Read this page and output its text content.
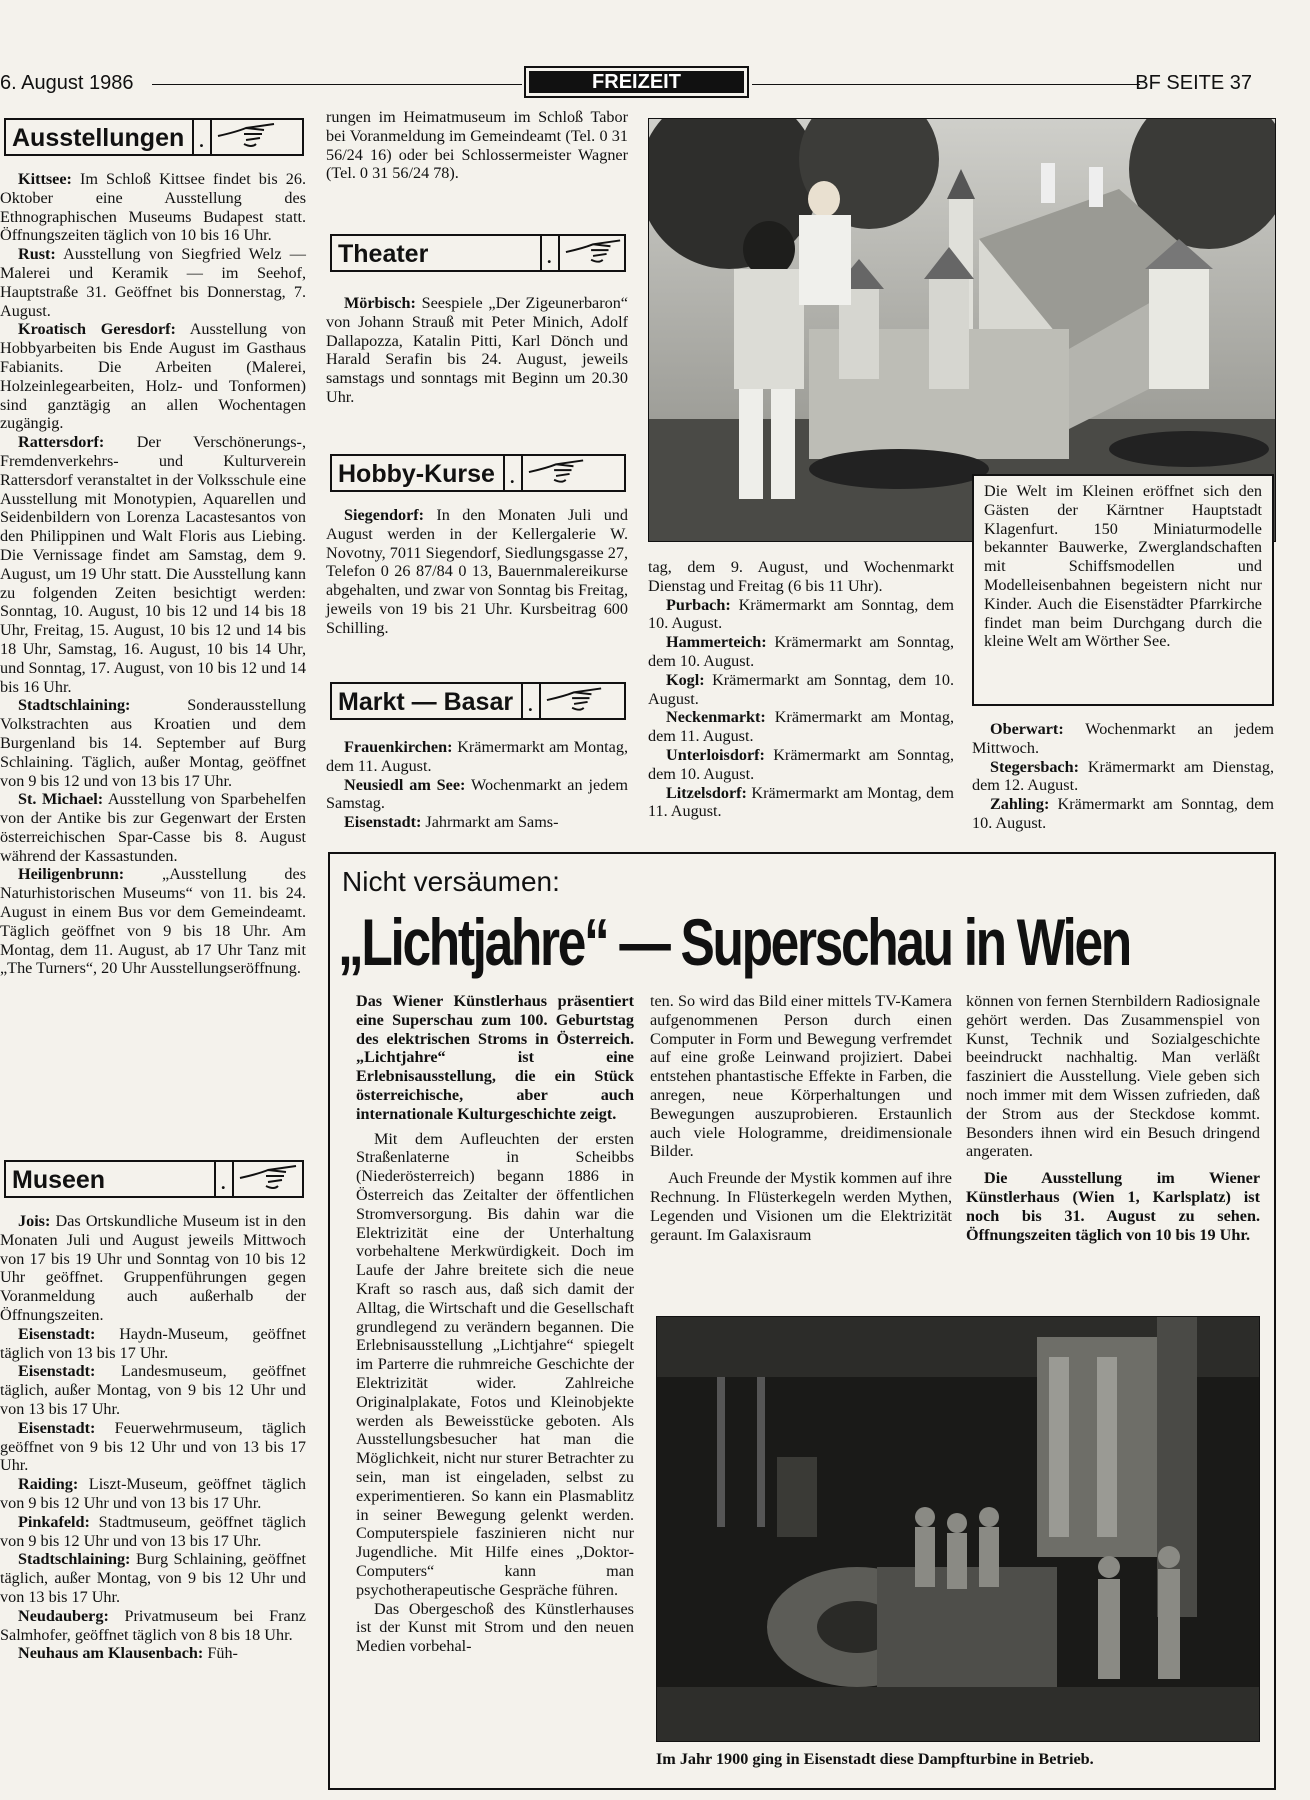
6. August 1986	FREIZEIT	BF SEITE 37
Ausstellungen
.

Kittsee: Im Schloß Kittsee findet bis 26. Oktober eine Ausstellung des Ethnographischen Museums Budapest statt. Öffnungszeiten täglich von 10 bis 16 Uhr.

Rust: Ausstellung von Siegfried Welz — Malerei und Keramik — im Seehof, Hauptstraße 31. Geöffnet bis Donnerstag, 7. August.

Kroatisch Geresdorf: Ausstellung von Hobbyarbeiten bis Ende August im Gasthaus Fabianits. Die Arbeiten (Malerei, Holzeinlegearbeiten, Holz- und Tonformen) sind ganztägig an allen Wochentagen zugängig.

Rattersdorf: Der Verschönerungs-, Fremdenverkehrs- und Kulturverein Rattersdorf veranstaltet in der Volksschule eine Ausstellung mit Monotypien, Aquarellen und Seidenbildern von Lorenza Lacastesantos von den Philippinen und Walt Floris aus Liebing. Die Vernissage findet am Samstag, dem 9. August, um 19 Uhr statt. Die Ausstellung kann zu folgenden Zeiten besichtigt werden: Sonntag, 10. August, 10 bis 12 und 14 bis 18 Uhr, Freitag, 15. August, 10 bis 12 und 14 bis 18 Uhr, Samstag, 16. August, 10 bis 14 Uhr, und Sonntag, 17. August, von 10 bis 12 und 14 bis 16 Uhr.

Stadtschlaining: Sonderausstellung Volkstrachten aus Kroatien und dem Burgenland bis 14. September auf Burg Schlaining. Täglich, außer Montag, geöffnet von 9 bis 12 und von 13 bis 17 Uhr.

St. Michael: Ausstellung von Sparbehelfen von der Antike bis zur Gegenwart der Ersten österreichischen Spar-Casse bis 8. August während der Kassastunden.

Heiligenbrunn: „Ausstellung des Naturhistorischen Museums“ von 11. bis 24. August in einem Bus vor dem Gemeindeamt. Täglich geöffnet von 9 bis 18 Uhr. Am Montag, dem 11. August, ab 17 Uhr Tanz mit „The Turners“, 20 Uhr Ausstellungseröffnung.

Museen
.

Jois: Das Ortskundliche Museum ist in den Monaten Juli und August jeweils Mittwoch von 17 bis 19 Uhr und Sonntag von 10 bis 12 Uhr geöffnet. Gruppenführungen gegen Voranmeldung auch außerhalb der Öffnungszeiten.

Eisenstadt: Haydn-Museum, geöffnet täglich von 13 bis 17 Uhr.

Eisenstadt: Landesmuseum, geöffnet täglich, außer Montag, von 9 bis 12 Uhr und von 13 bis 17 Uhr.

Eisenstadt: Feuerwehrmuseum, täglich geöffnet von 9 bis 12 Uhr und von 13 bis 17 Uhr.

Raiding: Liszt-Museum, geöffnet täglich von 9 bis 12 Uhr und von 13 bis 17 Uhr.

Pinkafeld: Stadtmuseum, geöffnet täglich von 9 bis 12 Uhr und von 13 bis 17 Uhr.

Stadtschlaining: Burg Schlaining, geöffnet täglich, außer Montag, von 9 bis 12 Uhr und von 13 bis 17 Uhr.

Neudauberg: Privatmuseum bei Franz Salmhofer, geöffnet täglich von 8 bis 18 Uhr.

Neuhaus am Klausenbach: Füh-

rungen im Heimatmuseum im Schloß Tabor bei Voranmeldung im Gemeindeamt (Tel. 0 31 56/24 16) oder bei Schlossermeister Wagner (Tel. 0 31 56/24 78).

Theater
.

Mörbisch: Seespiele „Der Zigeunerbaron“ von Johann Strauß mit Peter Minich, Adolf Dallapozza, Katalin Pitti, Karl Dönch und Harald Serafin bis 24. August, jeweils samstags und sonntags mit Beginn um 20.30 Uhr.

Hobby-Kurse
.

Siegendorf: In den Monaten Juli und August werden in der Kellergalerie W. Novotny, 7011 Siegendorf, Siedlungsgasse 27, Telefon 0 26 87/84 0 13, Bauernmalereikurse abgehalten, und zwar von Sonntag bis Freitag, jeweils von 19 bis 21 Uhr. Kursbeitrag 600 Schilling.

Markt — Basar
.

Frauenkirchen: Krämermarkt am Montag, dem 11. August.

Neusiedl am See: Wochenmarkt an jedem Samstag.

Eisenstadt: Jahrmarkt am Sams-

Die Welt im Kleinen eröffnet sich den Gästen der Kärntner Hauptstadt Klagenfurt. 150 Miniaturmodelle bekannter Bauwerke, Zwerglandschaften mit Schiffsmodellen und Modelleisenbahnen begeistern nicht nur Kinder. Auch die Eisenstädter Pfarrkirche findet man beim Durchgang durch die kleine Welt am Wörther See.

tag, dem 9. August, und Wochenmarkt Dienstag und Freitag (6 bis 11 Uhr).

Purbach: Krämermarkt am Sonntag, dem 10. August.

Hammerteich: Krämermarkt am Sonntag, dem 10. August.

Kogl: Krämermarkt am Sonntag, dem 10. August.

Neckenmarkt: Krämermarkt am Montag, dem 11. August.

Unterloisdorf: Krämermarkt am Sonntag, dem 10. August.

Litzelsdorf: Krämermarkt am Montag, dem 11. August.

Oberwart: Wochenmarkt an jedem Mittwoch.

Stegersbach: Krämermarkt am Dienstag, dem 12. August.

Zahling: Krämermarkt am Sonntag, dem 10. August.

Nicht versäumen:
„Lichtjahre“ — Superschau in Wien

Das Wiener Künstlerhaus präsentiert eine Superschau zum 100. Geburtstag des elektrischen Stroms in Österreich. „Lichtjahre“ ist eine Erlebnisausstellung, die ein Stück österreichische, aber auch internationale Kulturgeschichte zeigt.

Mit dem Aufleuchten der ersten Straßenlaterne in Scheibbs (Niederösterreich) begann 1886 in Österreich das Zeitalter der öffentlichen Stromversorgung. Bis dahin war die Elektrizität eine der Unterhaltung vorbehaltene Merkwürdigkeit. Doch im Laufe der Jahre breitete sich die neue Kraft so rasch aus, daß sich damit der Alltag, die Wirtschaft und die Gesellschaft grundlegend zu verändern begannen. Die Erlebnisausstellung „Lichtjahre“ spiegelt im Parterre die ruhmreiche Geschichte der Elektrizität wider. Zahlreiche Originalplakate, Fotos und Kleinobjekte werden als Beweisstücke geboten. Als Ausstellungsbesucher hat man die Möglichkeit, nicht nur sturer Betrachter zu sein, man ist eingeladen, selbst zu experimentieren. So kann ein Plasmablitz in seiner Bewegung gelenkt werden. Computerspiele faszinieren nicht nur Jugendliche. Mit Hilfe eines „Doktor-Computers“ kann man psychotherapeutische Gespräche führen.

Das Obergeschoß des Künstlerhauses ist der Kunst mit Strom und den neuen Medien vorbehal-

ten. So wird das Bild einer mittels TV-Kamera aufgenommenen Person durch einen Computer in Form und Bewegung verfremdet auf eine große Leinwand projiziert. Dabei entstehen phantastische Effekte in Farben, die anregen, neue Körperhaltungen und Bewegungen auszuprobieren. Erstaunlich auch viele Hologramme, dreidimensionale Bilder.

Auch Freunde der Mystik kommen auf ihre Rechnung. In Flüsterkegeln werden Mythen, Legenden und Visionen um die Elektrizität geraunt. Im Galaxisraum

können von fernen Sternbildern Radiosignale gehört werden. Das Zusammenspiel von Kunst, Technik und Sozialgeschichte beeindruckt nachhaltig. Man verläßt fasziniert die Ausstellung. Viele geben sich noch immer mit dem Wissen zufrieden, daß der Strom aus der Steckdose kommt. Besonders ihnen wird ein Besuch dringend angeraten.

Die Ausstellung im Wiener Künstlerhaus (Wien 1, Karlsplatz) ist noch bis 31. August zu sehen. Öffnungszeiten täglich von 10 bis 19 Uhr.

Im Jahr 1900 ging in Eisenstadt diese Dampfturbine in Betrieb.
